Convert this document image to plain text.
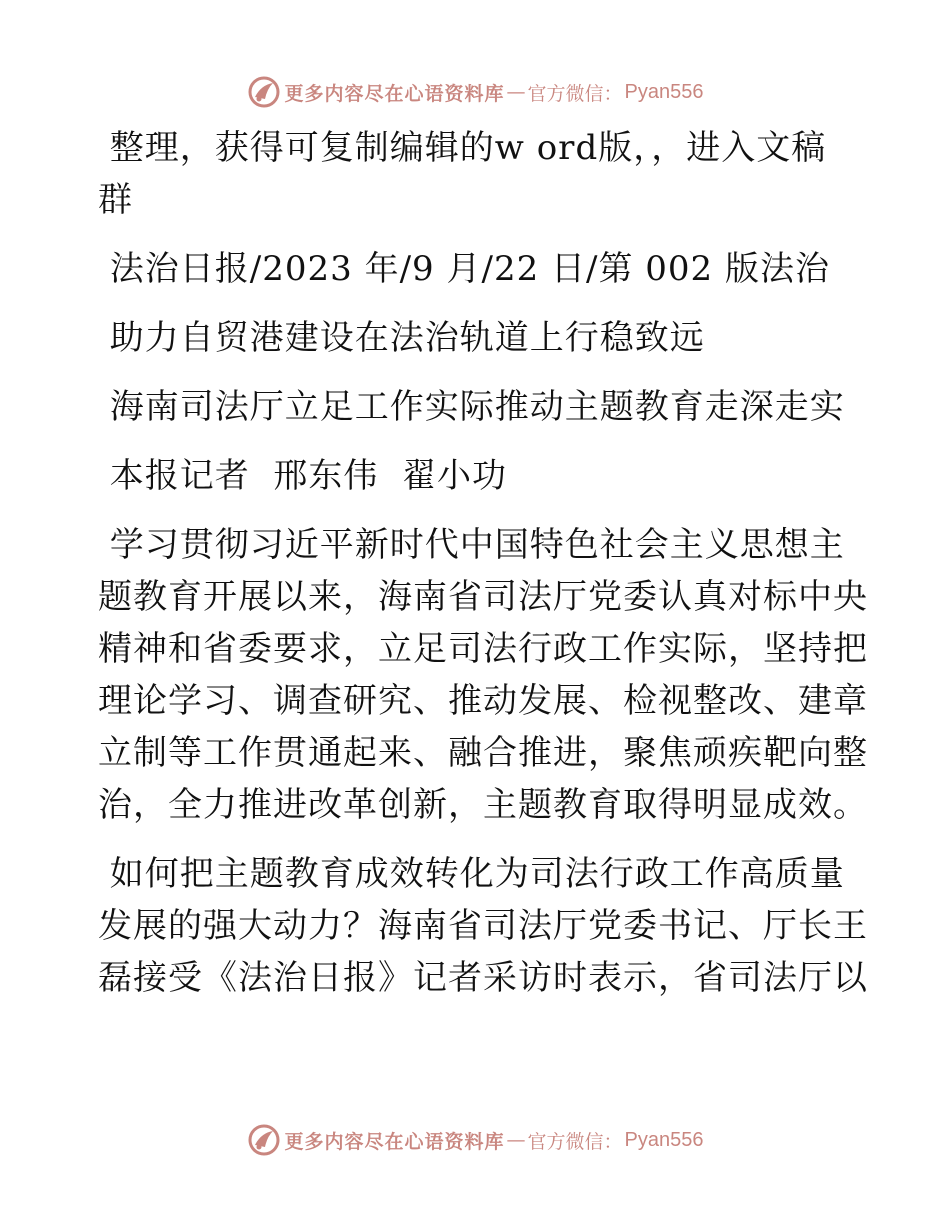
更多内容尽在心语资料库 — 官方微信： Pyan556

整理，获得可复制编辑的w ord版，，进入文稿

群

法治日报/2023 年/9 月/22 日/第 002 版法治

助力自贸港建设在法治轨道上行稳致远

海南司法厅立足工作实际推动主题教育走深走实

本报记者  邢东伟  翟小功

学习贯彻习近平新时代中国特色社会主义思想主

题教育开展以来，海南省司法厅党委认真对标中央

精神和省委要求，立足司法行政工作实际，坚持把

理论学习、调查研究、推动发展、检视整改、建章

立制等工作贯通起来、融合推进，聚焦顽疾靶向整

治，全力推进改革创新，主题教育取得明显成效。

如何把主题教育成效转化为司法行政工作高质量

发展的强大动力？海南省司法厅党委书记、厅长王

磊接受《法治日报》记者采访时表示，省司法厅以

更多内容尽在心语资料库 — 官方微信： Pyan556
